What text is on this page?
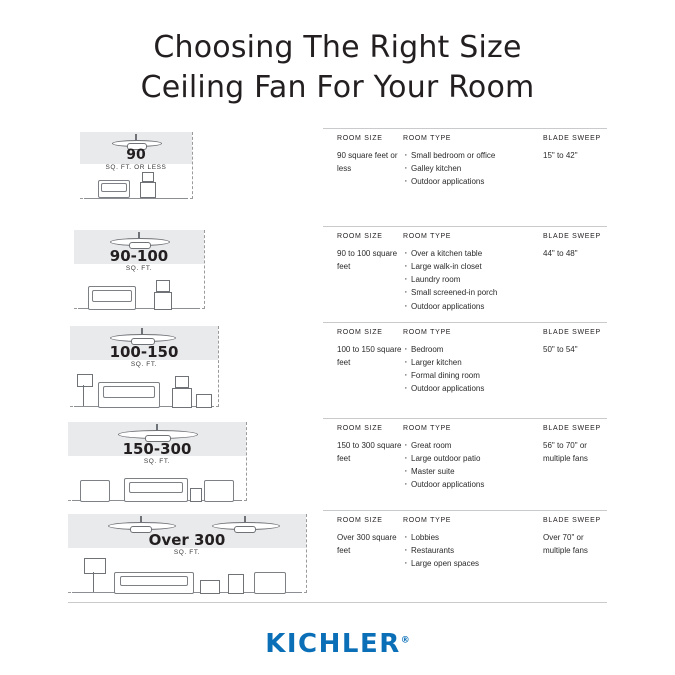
Choosing The Right Size
Ceiling Fan For Your Room
90
SQ. FT. OR LESS
ROOM SIZE
90 square feet or less
ROOM TYPE
· Small bedroom or office
· Galley kitchen
· Outdoor applications
BLADE SWEEP
15" to 42"
90-100
SQ. FT.
ROOM SIZE
90 to 100 square feet
ROOM TYPE
· Over a kitchen table
· Large walk-in closet
· Laundry room
· Small screened-in porch
· Outdoor applications
BLADE SWEEP
44" to 48"
100-150
SQ. FT.
ROOM SIZE
100 to 150 square feet
ROOM TYPE
· Bedroom
· Larger kitchen
· Formal dining room
· Outdoor applications
BLADE SWEEP
50" to 54"
150-300
SQ. FT.
ROOM SIZE
150 to 300 square feet
ROOM TYPE
· Great room
· Large outdoor patio
· Master suite
· Outdoor applications
BLADE SWEEP
56" to 70" or multiple fans
Over 300
SQ. FT.
ROOM SIZE
Over 300 square feet
ROOM TYPE
· Lobbies
· Restaurants
· Large open spaces
BLADE SWEEP
Over 70" or multiple fans
KICHLER®
